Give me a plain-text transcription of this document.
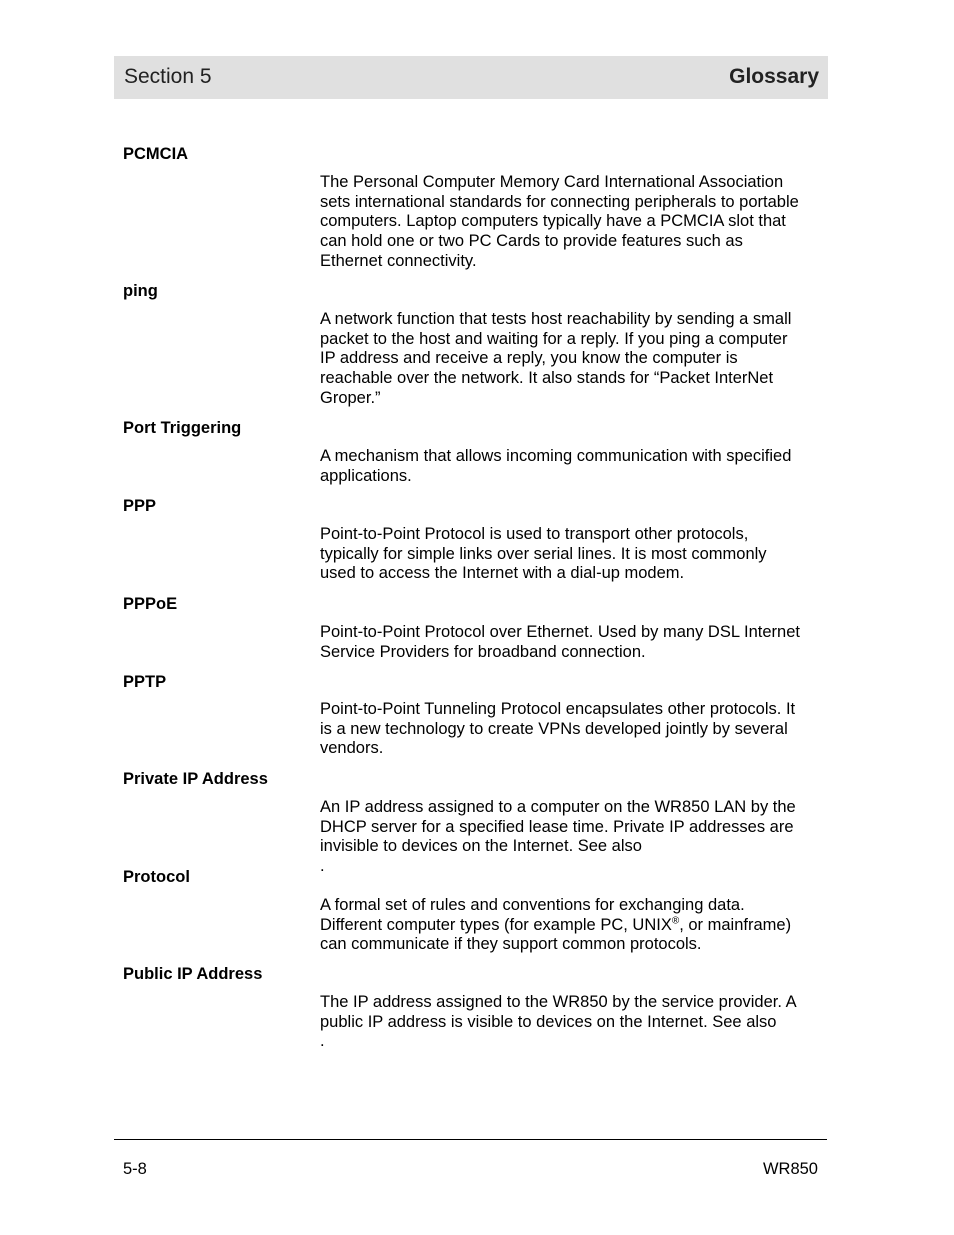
Section 5	Glossary
PCMCIA
The Personal Computer Memory Card International Association
sets international standards for connecting peripherals to portable
computers. Laptop computers typically have a PCMCIA slot that
can hold one or two PC Cards to provide features such as
Ethernet connectivity.
ping
A network function that tests host reachability by sending a small
packet to the host and waiting for a reply. If you ping a computer
IP address and receive a reply, you know the computer is
reachable over the network. It also stands for “Packet InterNet
Groper.”
Port Triggering
A mechanism that allows incoming communication with specified
applications.
PPP
Point-to-Point Protocol is used to transport other protocols,
typically for simple links over serial lines. It is most commonly
used to access the Internet with a dial-up modem.
PPPoE
Point-to-Point Protocol over Ethernet. Used by many DSL Internet
Service Providers for broadband connection.
PPTP
Point-to-Point Tunneling Protocol encapsulates other protocols. It
is a new technology to create VPNs developed jointly by several
vendors.
Private IP Address
An IP address assigned to a computer on the WR850 LAN by the
DHCP server for a specified lease time. Private IP addresses are
invisible to devices on the Internet. See also
.
Protocol
A formal set of rules and conventions for exchanging data.
Different computer types (for example PC, UNIX®, or mainframe)
can communicate if they support common protocols.
Public IP Address
The IP address assigned to the WR850 by the service provider. A
public IP address is visible to devices on the Internet. See also
.
5-8	WR850
